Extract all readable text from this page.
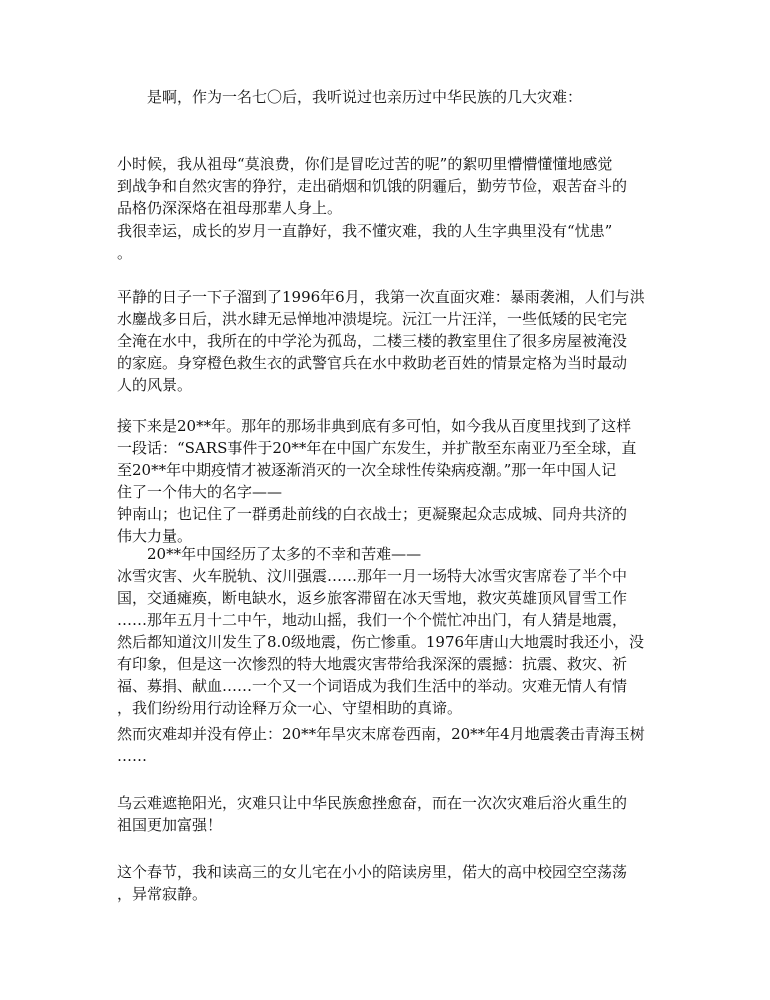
是啊，作为一名七〇后，我听说过也亲历过中华民族的几大灾难：

小时候，我从祖母“莫浪费，你们是冒吃过苦的呢”的絮叨里懵懵懂懂地感觉
到战争和自然灾害的狰狞，走出硝烟和饥饿的阴霾后，勤劳节俭，艰苦奋斗的
品格仍深深烙在祖母那辈人身上。

我很幸运，成长的岁月一直静好，我不懂灾难，我的人生字典里没有“忧患”
。

平静的日子一下子溜到了1996年6月，我第一次直面灾难：暴雨袭湘，人们与洪
水鏖战多日后，洪水肆无忌惮地冲溃堤垸。沅江一片汪洋，一些低矮的民宅完
全淹在水中，我所在的中学沦为孤岛，二楼三楼的教室里住了很多房屋被淹没
的家庭。身穿橙色救生衣的武警官兵在水中救助老百姓的情景定格为当时最动
人的风景。

接下来是20**年。那年的那场非典到底有多可怕，如今我从百度里找到了这样
一段话：“SARS事件于20**年在中国广东发生，并扩散至东南亚乃至全球，直
至20**年中期疫情才被逐渐消灭的一次全球性传染病疫潮。”那一年中国人记
住了一个伟大的名字——
钟南山；也记住了一群勇赴前线的白衣战士；更凝聚起众志成城、同舟共济的
伟大力量。

20**年中国经历了太多的不幸和苦难——
冰雪灾害、火车脱轨、汶川强震……那年一月一场特大冰雪灾害席卷了半个中
国，交通瘫痪，断电缺水，返乡旅客滞留在冰天雪地，救灾英雄顶风冒雪工作
……那年五月十二中午，地动山摇，我们一个个慌忙冲出门，有人猜是地震，
然后都知道汶川发生了8.0级地震，伤亡惨重。1976年唐山大地震时我还小，没
有印象，但是这一次惨烈的特大地震灾害带给我深深的震撼：抗震、救灾、祈
福、募捐、献血……一个又一个词语成为我们生活中的举动。灾难无情人有情
，我们纷纷用行动诠释万众一心、守望相助的真谛。

然而灾难却并没有停止：20**年旱灾末席卷西南，20**年4月地震袭击青海玉树
……

乌云难遮艳阳光，灾难只让中华民族愈挫愈奋，而在一次次灾难后浴火重生的
祖国更加富强！

这个春节，我和读高三的女儿宅在小小的陪读房里，偌大的高中校园空空荡荡
，异常寂静。
